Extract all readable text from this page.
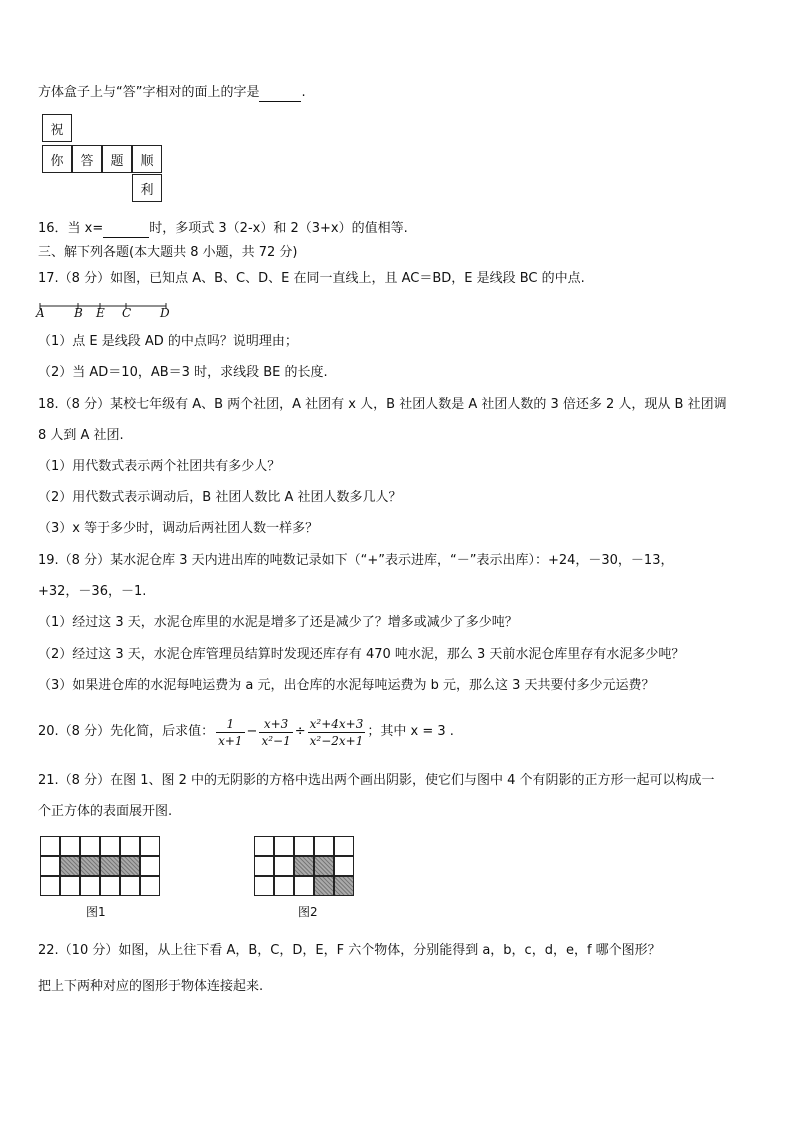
方体盒子上与“答”字相对的面上的字是	.
祝
你	答	题	顺
利
16．当 x=	时，多项式 3（2-x）和 2（3+x）的值相等.
三、解下列各题(本大题共 8 小题，共 72 分)
17.（8 分）如图，已知点 A、B、C、D、E 在同一直线上，且 AC＝BD，E 是线段 BC 的中点.
A B E C D
（1）点 E 是线段 AD 的中点吗？说明理由；
（2）当 AD＝10，AB＝3 时，求线段 BE 的长度.
18.（8 分）某校七年级有 A、B 两个社团，A 社团有 x 人，B 社团人数是 A 社团人数的 3 倍还多 2 人，现从 B 社团调
8 人到 A 社团.
（1）用代数式表示两个社团共有多少人？
（2）用代数式表示调动后，B 社团人数比 A 社团人数多几人？
（3）x 等于多少时，调动后两社团人数一样多？
19.（8 分）某水泥仓库 3 天内进出库的吨数记录如下（“+”表示进库，“－”表示出库）：+24，－30，－13，
+32，－36，－1.
（1）经过这 3 天，水泥仓库里的水泥是增多了还是减少了？增多或减少了多少吨？
（2）经过这 3 天，水泥仓库管理员结算时发现还库存有 470 吨水泥，那么 3 天前水泥仓库里存有水泥多少吨？
（3）如果进仓库的水泥每吨运费为 a 元，出仓库的水泥每吨运费为 b 元，那么这 3 天共要付多少元运费？
20.（8 分）先化简，后求值： $\frac{1}{x+1} - \frac{x+3}{\text{x²−1}} \div \frac{\text{x²+4x+3}}{\text{x²−2x+1}}$ ；其中 x = 3 .
21.（8 分）在图 1、图 2 中的无阴影的方格中选出两个画出阴影，使它们与图中 4 个有阴影的正方形一起可以构成一
个正方体的表面展开图.
图1	图2
22.（10 分）如图，从上往下看 A，B，C，D，E，F 六个物体，分别能得到 a，b，c，d，e，f 哪个图形？
把上下两种对应的图形于物体连接起来.
